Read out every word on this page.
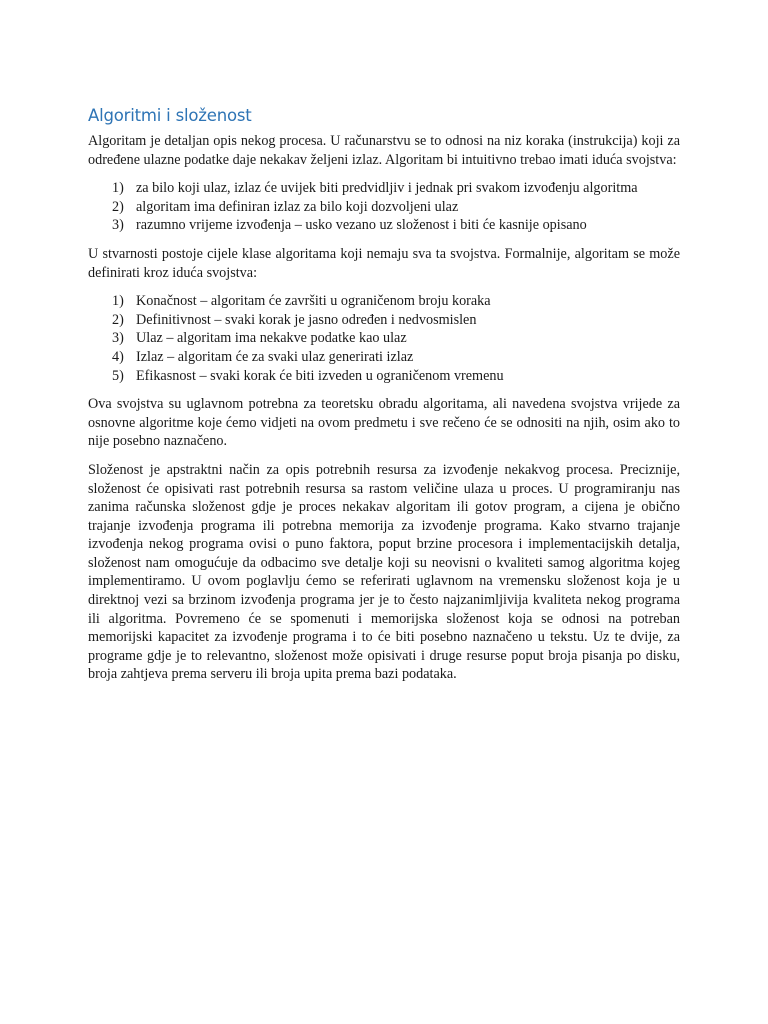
Algoritmi i složenost

Algoritam je detaljan opis nekog procesa. U računarstvu se to odnosi na niz koraka (instrukcija) koji za određene ulazne podatke daje nekakav željeni izlaz. Algoritam bi intuitivno trebao imati iduća svojstva:

1) za bilo koji ulaz, izlaz će uvijek biti predvidljiv i jednak pri svakom izvođenju algoritma
2) algoritam ima definiran izlaz za bilo koji dozvoljeni ulaz
3) razumno vrijeme izvođenja – usko vezano uz složenost i biti će kasnije opisano

U stvarnosti postoje cijele klase algoritama koji nemaju sva ta svojstva. Formalnije, algoritam se može definirati kroz iduća svojstva:

1) Konačnost – algoritam će završiti u ograničenom broju koraka
2) Definitivnost – svaki korak je jasno određen i nedvosmislen
3) Ulaz – algoritam ima nekakve podatke kao ulaz
4) Izlaz – algoritam će za svaki ulaz generirati izlaz
5) Efikasnost – svaki korak će biti izveden u ograničenom vremenu

Ova svojstva su uglavnom potrebna za teoretsku obradu algoritama, ali navedena svojstva vrijede za osnovne algoritme koje ćemo vidjeti na ovom predmetu i sve rečeno će se odnositi na njih, osim ako to nije posebno naznačeno.

Složenost je apstraktni način za opis potrebnih resursa za izvođenje nekakvog procesa. Preciznije, složenost će opisivati rast potrebnih resursa sa rastom veličine ulaza u proces. U programiranju nas zanima računska složenost gdje je proces nekakav algoritam ili gotov program, a cijena je obično trajanje izvođenja programa ili potrebna memorija za izvođenje programa. Kako stvarno trajanje izvođenja nekog programa ovisi o puno faktora, poput brzine procesora i implementacijskih detalja, složenost nam omogućuje da odbacimo sve detalje koji su neovisni o kvaliteti samog algoritma kojeg implementiramo. U ovom poglavlju ćemo se referirati uglavnom na vremensku složenost koja je u direktnoj vezi sa brzinom izvođenja programa jer je to često najzanimljivija kvaliteta nekog programa ili algoritma. Povremeno će se spomenuti i memorijska složenost koja se odnosi na potreban memorijski kapacitet za izvođenje programa i to će biti posebno naznačeno u tekstu. Uz te dvije, za programe gdje je to relevantno, složenost može opisivati i druge resurse poput broja pisanja po disku, broja zahtjeva prema serveru ili broja upita prema bazi podataka.
